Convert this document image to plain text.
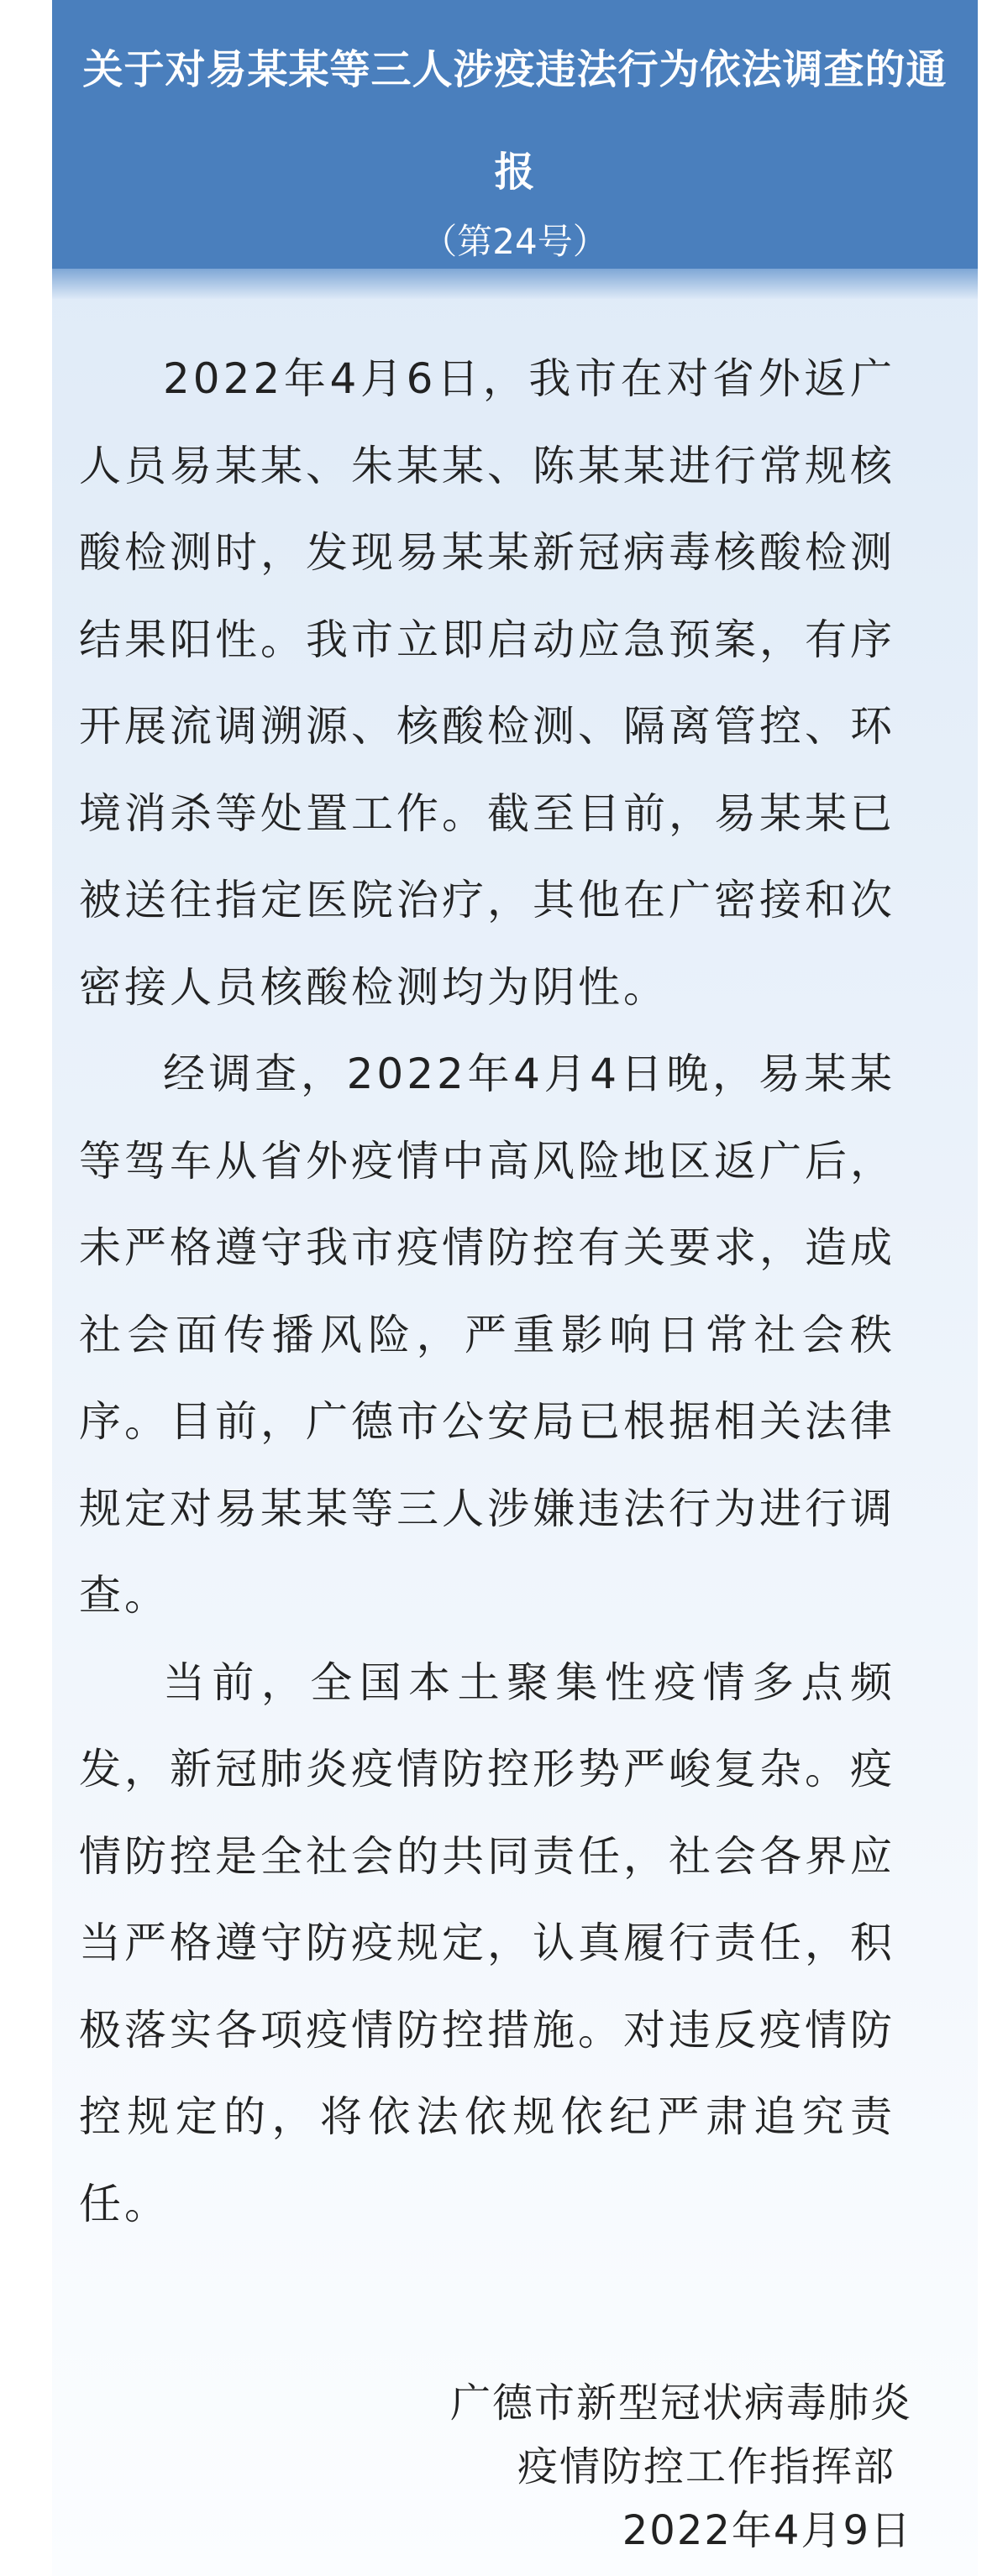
关于对易某某等三人涉疫违法行为依法调查的通报
（第24号）

2022年4月6日，我市在对省外返广人员易某某、朱某某、陈某某进行常规核酸检测时，发现易某某新冠病毒核酸检测结果阳性。我市立即启动应急预案，有序开展流调溯源、核酸检测、隔离管控、环境消杀等处置工作。截至目前，易某某已被送往指定医院治疗，其他在广密接和次密接人员核酸检测均为阴性。

经调查，2022年4月4日晚，易某某等驾车从省外疫情中高风险地区返广后，未严格遵守我市疫情防控有关要求，造成社会面传播风险，严重影响日常社会秩序。目前，广德市公安局已根据相关法律规定对易某某等三人涉嫌违法行为进行调查。

当前，全国本土聚集性疫情多点频发，新冠肺炎疫情防控形势严峻复杂。疫情防控是全社会的共同责任，社会各界应当严格遵守防疫规定，认真履行责任，积极落实各项疫情防控措施。对违反疫情防控规定的，将依法依规依纪严肃追究责任。

广德市新型冠状病毒肺炎
疫情防控工作指挥部
2022年4月9日
